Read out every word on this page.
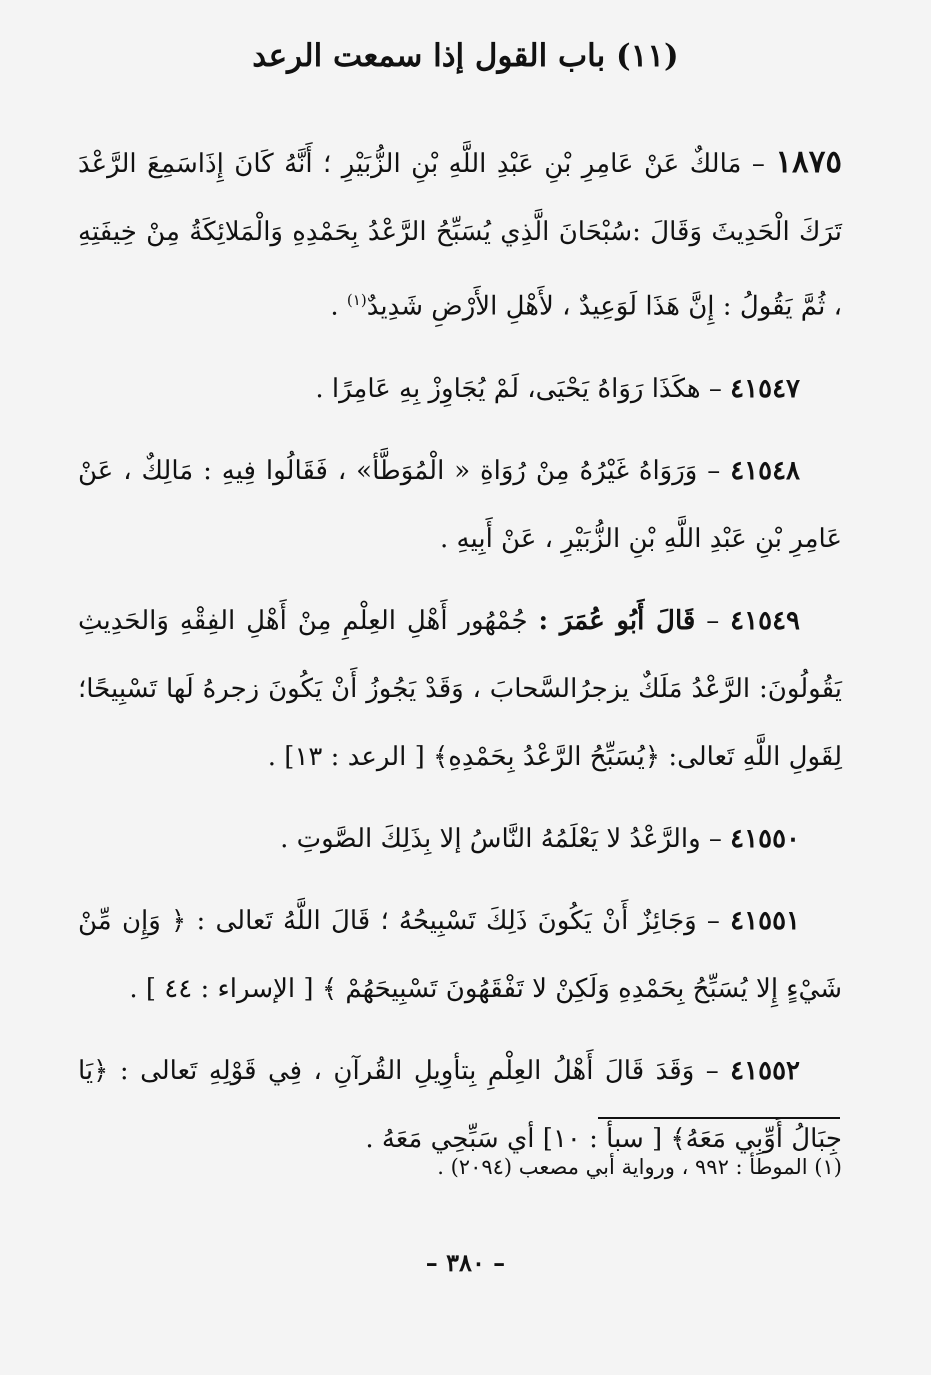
(١١) باب القول إذا سمعت الرعد

١٨٧٥ – مَالكٌ عَنْ عَامِرِ بْنِ عَبْدِ اللَّهِ بْنِ الزُّبَيْرِ ؛ أَنَّهُ كَانَ إِذَاسَمِعَ الرَّعْدَ تَرَكَ الْحَدِيثَ وَقَالَ :سُبْحَانَ الَّذِي يُسَبِّحُ الرَّعْدُ بِحَمْدِهِ وَالْمَلائِكَةُ مِنْ خِيفَتِهِ ، ثُمَّ يَقُولُ : إِنَّ هَذَا لَوَعِيدٌ ، لأَهْلِ الأَرْضِ شَدِيدٌ$^{(١)}$ .

٤١٥٤٧ – هكَذَا رَوَاهُ يَحْيَى، لَمْ يُجَاوِزْ بِهِ عَامِرًا .

٤١٥٤٨ – وَرَوَاهُ غَيْرُهُ مِنْ رُوَاةِ « الْمُوَطَّأ» ، فَقَالُوا فِيهِ : مَالِكٌ ، عَنْ عَامِرِ بْنِ عَبْدِ اللَّهِ بْنِ الزُّبَيْرِ ، عَنْ أَبِيهِ .

٤١٥٤٩ – قَالَ أَبُو عُمَرَ : جُمْهُور أَهْلِ العِلْمِ مِنْ أَهْلِ الفِقْهِ وَالحَدِيثِ يَقُولُونَ: الرَّعْدُ مَلَكٌ يزجرُالسَّحابَ ، وَقَدْ يَجُوزُ أَنْ يَكُونَ زجرهُ لَها تَسْبِيحًا؛ لِقَولِ اللَّهِ تَعالى: ﴿يُسَبِّحُ الرَّعْدُ بِحَمْدِهِ﴾ [ الرعد : ١٣] .

٤١٥٥٠ – والرَّعْدُ لا يَعْلَمُهُ النَّاسُ إلا بِذَلِكَ الصَّوتِ .

٤١٥٥١ – وَجَائِزٌ أَنْ يَكُونَ ذَلِكَ تَسْبِيحُهُ ؛ قَالَ اللَّهُ تَعالى : ﴿ وَإِن مِّنْ شَيْءٍ إِلا يُسَبِّحُ بِحَمْدِهِ وَلَكِنْ لا تَفْقَهُونَ تَسْبِيحَهُمْ ﴾ [ الإسراء : ٤٤ ] .

٤١٥٥٢ – وَقَدَ قَالَ أَهْلُ العِلْمِ بِتأوِيلِ القُرآنِ ، فِي قَوْلِهِ تَعالى : ﴿يَا جِبَالُ أَوِّبِي مَعَهُ﴾ [ سبأ : ١٠] أي سَبِّحِي مَعَهُ .

(١) الموطأ : ٩٩٢ ، ورواية أبي مصعب (٢٠٩٤) .
– ٣٨٠ –
